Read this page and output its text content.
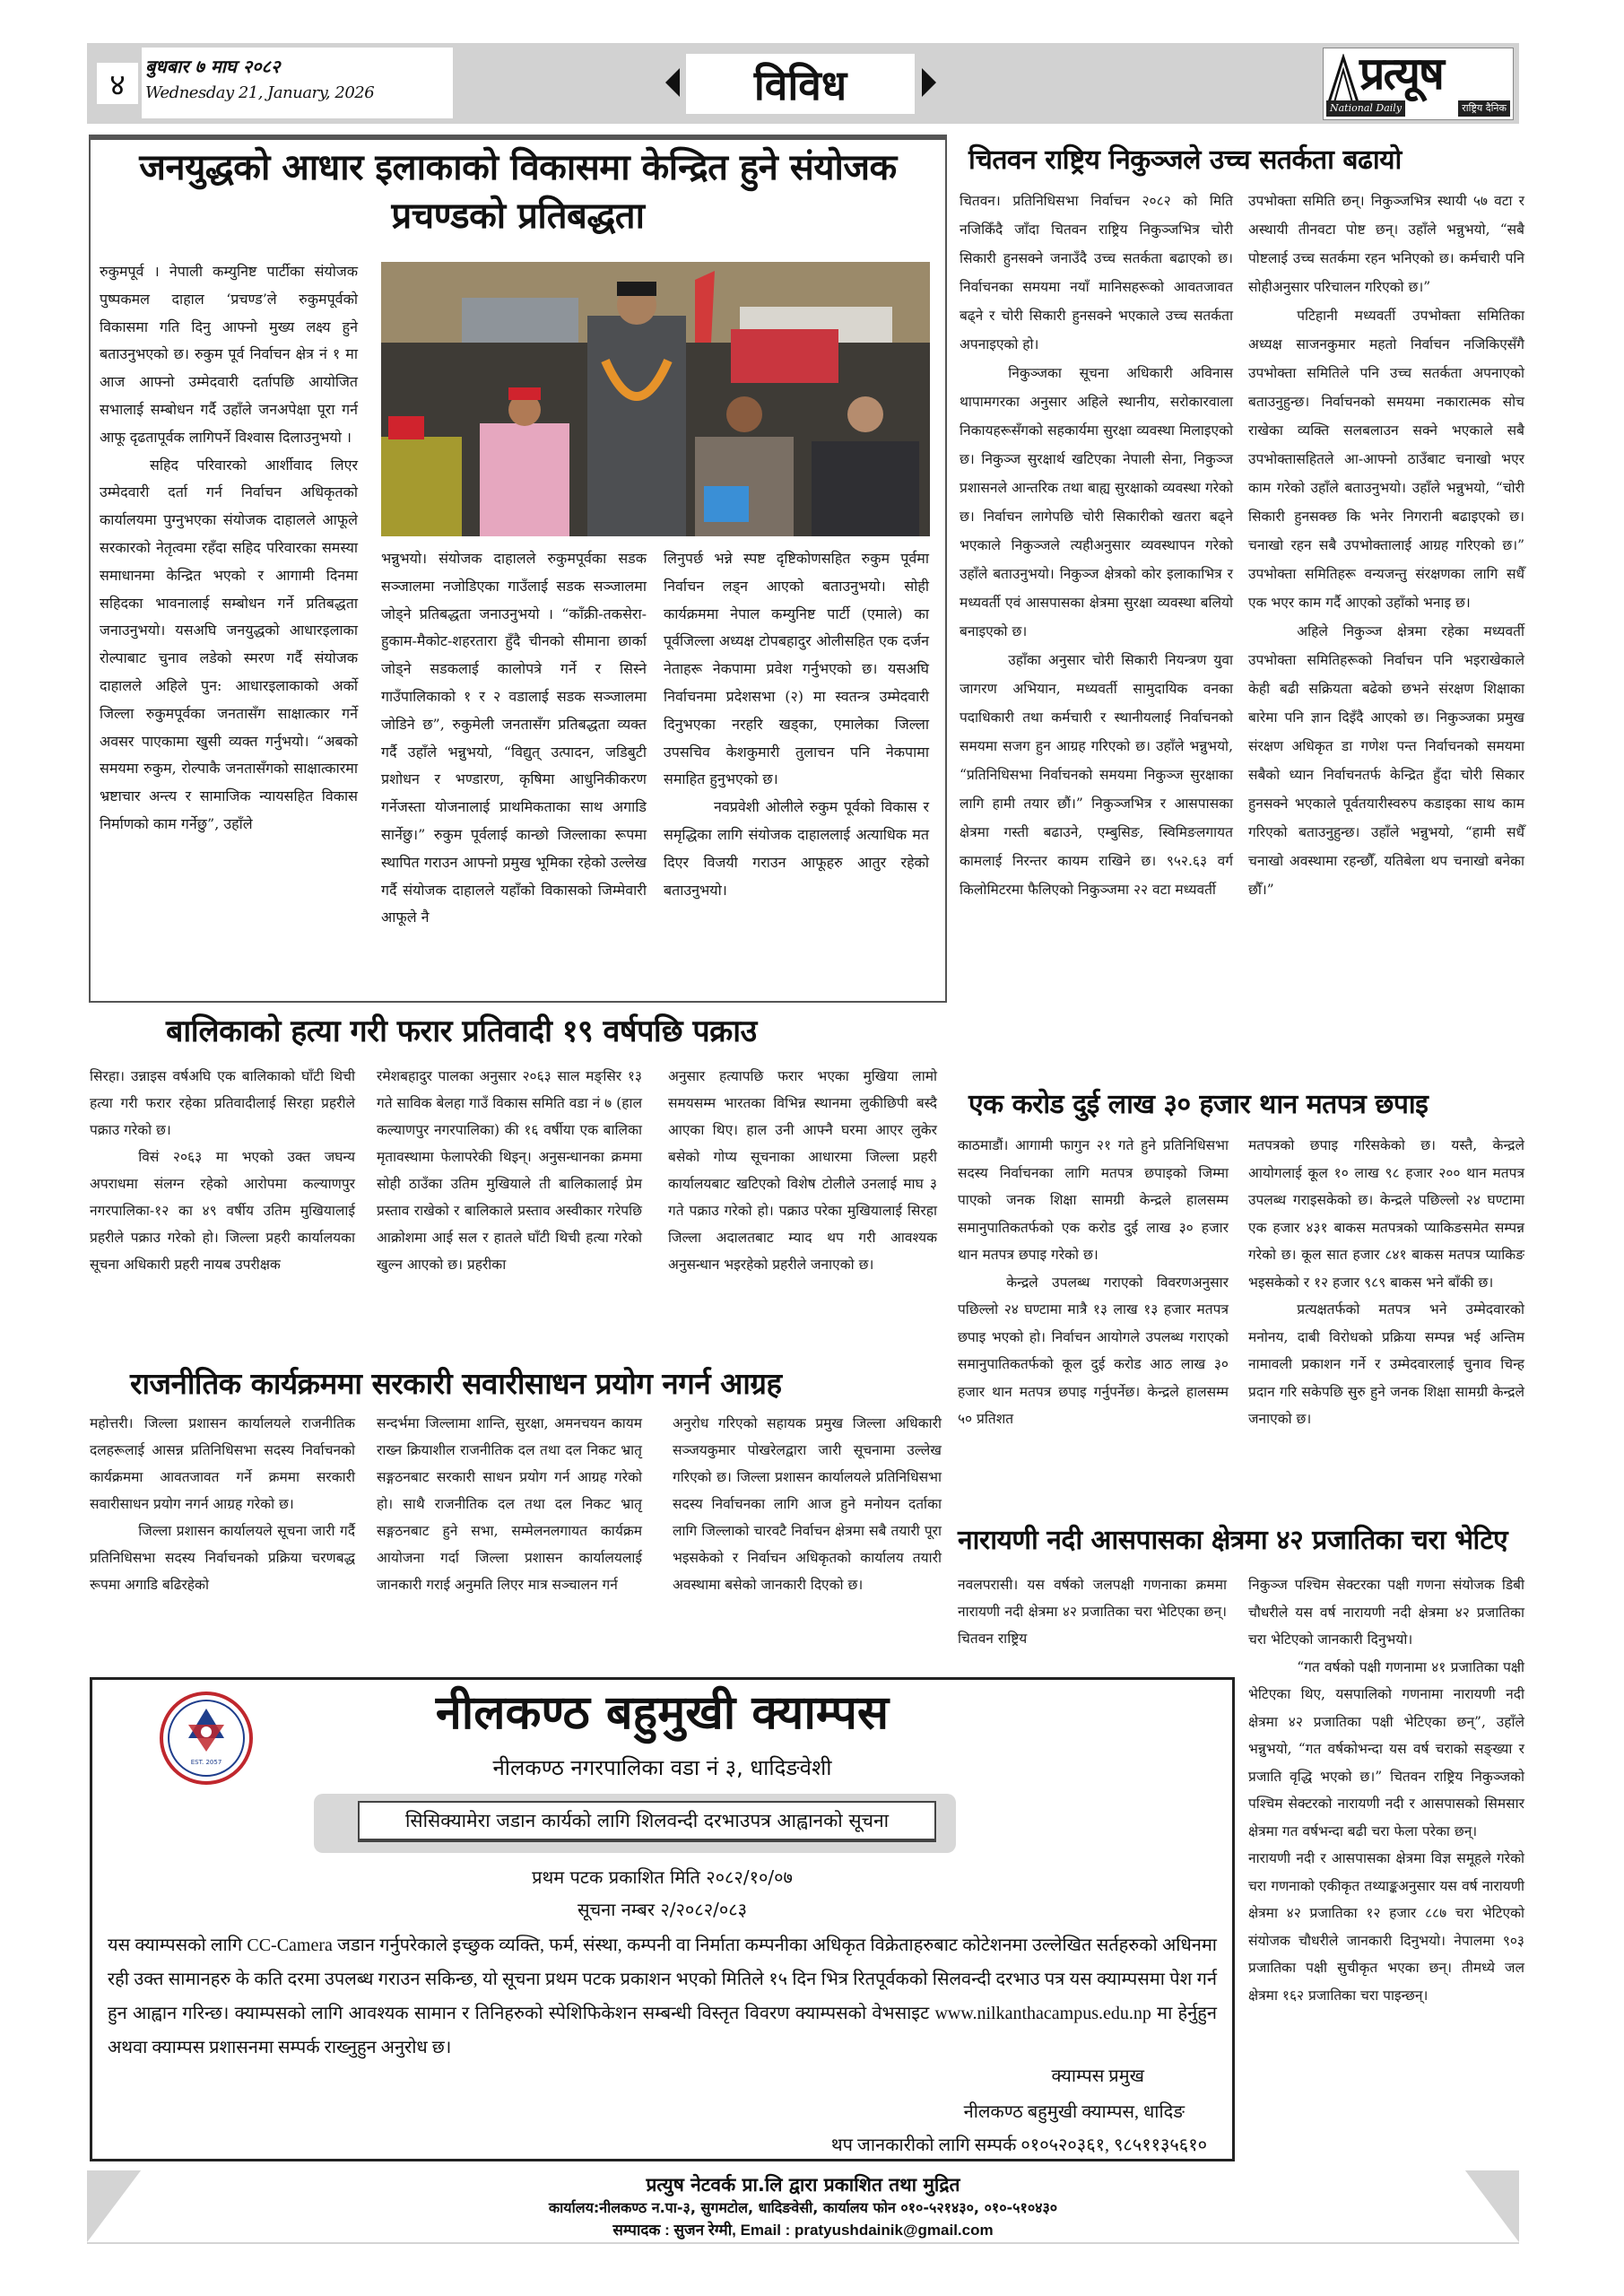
४
बुधबार ७ माघ २०८२
Wednesday 21, January, 2026	विविध	प्रत्यूष
National Daily	राष्ट्रिय दैनिक
जनयुद्धको आधार इलाकाको विकासमा केन्द्रित हुने संयोजक
प्रचण्डको प्रतिबद्धता

रुकुमपूर्व । नेपाली कम्युनिष्ट पार्टीका संयोजक पुष्पकमल दाहाल ‘प्रचण्ड’ले रुकुमपूर्वको विकासमा गति दिनु आफ्नो मुख्य लक्ष्य हुने बताउनुभएको छ। रुकुम पूर्व निर्वाचन क्षेत्र नं १ मा आज आफ्नो उम्मेदवारी दर्तापछि आयोजित सभालाई सम्बोधन गर्दै उहाँले जनअपेक्षा पूरा गर्न आफू दृढतापूर्वक लागिपर्ने विश्वास दिलाउनुभयो ।

सहिद परिवारको आर्शीवाद लिएर उम्मेदवारी दर्ता गर्न निर्वाचन अधिकृतको कार्यालयमा पुग्नुभएका संयोजक दाहालले आफूले सरकारको नेतृत्वमा रहँदा सहिद परिवारका समस्या समाधानमा केन्द्रित भएको र आगामी दिनमा सहिदका भावनालाई सम्बोधन गर्ने प्रतिबद्धता जनाउनुभयो। यसअघि जनयुद्धको आधारइलाका रोल्पाबाट चुनाव लडेको स्मरण गर्दै संयोजक दाहालले अहिले पुन: आधारइलाकाको अर्को जिल्ला रुकुमपूर्वका जनतासँग साक्षात्कार गर्ने अवसर पाएकामा खुसी व्यक्त गर्नुभयो। “अबको समयमा रुकुम, रोल्पाकै जनतासँगको साक्षात्कारमा भ्रष्टाचार अन्त्य र सामाजिक न्यायसहित विकास निर्माणको काम गर्नेछु”, उहाँले

भन्नुभयो। संयोजक दाहालले रुकुमपूर्वका सडक सञ्जालमा नजोडिएका गाउँलाई सडक सञ्जालमा जोड्ने प्रतिबद्धता जनाउनुभयो । “काँक्री-तकसेरा-हुकाम-मैकोट-शहरतारा हुँदै चीनको सीमाना छार्का जोड्ने सडकलाई कालोपत्रे गर्ने र सिस्ने गाउँपालिकाको १ र २ वडालाई सडक सञ्जालमा जोडिने छ”, रुकुमेली जनतासँग प्रतिबद्धता व्यक्त गर्दै उहाँले भन्नुभयो, “विद्युत् उत्पादन, जडिबुटी प्रशोधन र भण्डारण, कृषिमा आधुनिकीकरण गर्नेजस्ता योजनालाई प्राथमिकताका साथ अगाडि सार्नेछु।” रुकुम पूर्वलाई कान्छो जिल्लाका रूपमा स्थापित गराउन आफ्नो प्रमुख भूमिका रहेको उल्लेख गर्दै संयोजक दाहालले यहाँको विकासको जिम्मेवारी आफूले नै

लिनुपर्छ भन्ने स्पष्ट दृष्टिकोणसहित रुकुम पूर्वमा निर्वाचन लड्न आएको बताउनुभयो। सोही कार्यक्रममा नेपाल कम्युनिष्ट पार्टी (एमाले) का पूर्वजिल्ला अध्यक्ष टोपबहादुर ओलीसहित एक दर्जन नेताहरू नेकपामा प्रवेश गर्नुभएको छ। यसअघि निर्वाचनमा प्रदेशसभा (२) मा स्वतन्त्र उम्मेदवारी दिनुभएका नरहरि खड्का, एमालेका जिल्ला उपसचिव केशकुमारी तुलाचन पनि नेकपामा समाहित हुनुभएको छ।

नवप्रवेशी ओलीले रुकुम पूर्वको विकास र समृद्धिका लागि संयोजक दाहाललाई अत्याधिक मत दिएर विजयी गराउन आफूहरु आतुर रहेको बताउनुभयो।

चितवन राष्ट्रिय निकुञ्जले उच्च सतर्कता बढायो

चितवन। प्रतिनिधिसभा निर्वाचन २०८२ को मिति नजिकिँदै जाँदा चितवन राष्ट्रिय निकुञ्जभित्र चोरी सिकारी हुनसक्ने जनाउँदै उच्च सतर्कता बढाएको छ। निर्वाचनका समयमा नयाँ मानिसहरूको आवतजावत बढ्ने र चोरी सिकारी हुनसक्ने भएकाले उच्च सतर्कता अपनाइएको हो।

निकुञ्जका सूचना अधिकारी अविनास थापामगरका अनुसार अहिले स्थानीय, सरोकारवाला निकायहरूसँगको सहकार्यमा सुरक्षा व्यवस्था मिलाइएको छ। निकुञ्ज सुरक्षार्थ खटिएका नेपाली सेना, निकुञ्ज प्रशासनले आन्तरिक तथा बाह्य सुरक्षाको व्यवस्था गरेको छ। निर्वाचन लागेपछि चोरी सिकारीको खतरा बढ्ने भएकाले निकुञ्जले त्यहीअनुसार व्यवस्थापन गरेको उहाँले बताउनुभयो। निकुञ्ज क्षेत्रको कोर इलाकाभित्र र मध्यवर्ती एवं आसपासका क्षेत्रमा सुरक्षा व्यवस्था बलियो बनाइएको छ।

उहाँका अनुसार चोरी सिकारी नियन्त्रण युवा जागरण अभियान, मध्यवर्ती सामुदायिक वनका पदाधिकारी तथा कर्मचारी र स्थानीयलाई निर्वाचनको समयमा सजग हुन आग्रह गरिएको छ। उहाँले भन्नुभयो, “प्रतिनिधिसभा निर्वाचनको समयमा निकुञ्ज सुरक्षाका लागि हामी तयार छौं।” निकुञ्जभित्र र आसपासका क्षेत्रमा गस्ती बढाउने, एम्बुसिङ, स्विमिङलगायत कामलाई निरन्तर कायम राखिने छ। ९५२.६३ वर्ग किलोमिटरमा फैलिएको निकुञ्जमा २२ वटा मध्यवर्ती

उपभोक्ता समिति छन्। निकुञ्जभित्र स्थायी ५७ वटा र अस्थायी तीनवटा पोष्ट छन्। उहाँले भन्नुभयो, “सबै पोष्टलाई उच्च सतर्कमा रहन भनिएको छ। कर्मचारी पनि सोहीअनुसार परिचालन गरिएको छ।”

पटिहानी मध्यवर्ती उपभोक्ता समितिका अध्यक्ष साजनकुमार महतो निर्वाचन नजिकिएसँगै उपभोक्ता समितिले पनि उच्च सतर्कता अपनाएको बताउनुहुन्छ। निर्वाचनको समयमा नकारात्मक सोच राखेका व्यक्ति सलबलाउन सक्ने भएकाले सबै उपभोक्तासहितले आ-आफ्नो ठाउँबाट चनाखो भएर काम गरेको उहाँले बताउनुभयो। उहाँले भन्नुभयो, “चोरी सिकारी हुनसक्छ कि भनेर निगरानी बढाइएको छ। चनाखो रहन सबै उपभोक्तालाई आग्रह गरिएको छ।” उपभोक्ता समितिहरू वन्यजन्तु संरक्षणका लागि सधैँ एक भएर काम गर्दै आएको उहाँको भनाइ छ।

अहिले निकुञ्ज क्षेत्रमा रहेका मध्यवर्ती उपभोक्ता समितिहरूको निर्वाचन पनि भइराखेकाले केही बढी सक्रियता बढेको छभने संरक्षण शिक्षाका बारेमा पनि ज्ञान दिइँदै आएको छ। निकुञ्जका प्रमुख संरक्षण अधिकृत डा गणेश पन्त निर्वाचनको समयमा सबैको ध्यान निर्वाचनतर्फ केन्द्रित हुँदा चोरी सिकार हुनसक्ने भएकाले पूर्वतयारीस्वरुप कडाइका साथ काम गरिएको बताउनुहुन्छ। उहाँले भन्नुभयो, “हामी सधैँ चनाखो अवस्थामा रहन्छौँ, यतिबेला थप चनाखो बनेका छौँ।”

बालिकाको हत्या गरी फरार प्रतिवादी १९ वर्षपछि पक्राउ

सिरहा। उन्नाइस वर्षअघि एक बालिकाको घाँटी थिची हत्या गरी फरार रहेका प्रतिवादीलाई सिरहा प्रहरीले पक्राउ गरेको छ।

विसं २०६३ मा भएको उक्त जघन्य अपराधमा संलग्न रहेको आरोपमा कल्याणपुर नगरपालिका-१२ का ४९ वर्षीय उतिम मुखियालाई प्रहरीले पक्राउ गरेको हो। जिल्ला प्रहरी कार्यालयका सूचना अधिकारी प्रहरी नायब उपरीक्षक

रमेशबहादुर पालका अनुसार २०६३ साल मङ्सिर १३ गते साविक बेलहा गाउँ विकास समिति वडा नं ७ (हाल कल्याणपुर नगरपालिका) की १६ वर्षीया एक बालिका मृतावस्थामा फेलापरेकी थिइन्। अनुसन्धानका क्रममा सोही ठाउँका उतिम मुखियाले ती बालिकालाई प्रेम प्रस्ताव राखेको र बालिकाले प्रस्ताव अस्वीकार गरेपछि आक्रोशमा आई सल र हातले घाँटी थिची हत्या गरेको खुल्न आएको छ। प्रहरीका

अनुसार हत्यापछि फरार भएका मुखिया लामो समयसम्म भारतका विभिन्न स्थानमा लुकीछिपी बस्दै आएका थिए। हाल उनी आफ्नै घरमा आएर लुकेर बसेको गोप्य सूचनाका आधारमा जिल्ला प्रहरी कार्यालयबाट खटिएको विशेष टोलीले उनलाई माघ ३ गते पक्राउ गरेको हो। पक्राउ परेका मुखियालाई सिरहा जिल्ला अदालतबाट म्याद थप गरी आवश्यक अनुसन्धान भइरहेको प्रहरीले जनाएको छ।

राजनीतिक कार्यक्रममा सरकारी सवारीसाधन प्रयोग नगर्न आग्रह

महोत्तरी। जिल्ला प्रशासन कार्यालयले राजनीतिक दलहरूलाई आसन्न प्रतिनिधिसभा सदस्य निर्वाचनको कार्यक्रममा आवतजावत गर्ने क्रममा सरकारी सवारीसाधन प्रयोग नगर्न आग्रह गरेको छ।

जिल्ला प्रशासन कार्यालयले सूचना जारी गर्दै प्रतिनिधिसभा सदस्य निर्वाचनको प्रक्रिया चरणबद्ध रूपमा अगाडि बढिरहेको

सन्दर्भमा जिल्लामा शान्ति, सुरक्षा, अमनचयन कायम राख्न क्रियाशील राजनीतिक दल तथा दल निकट भ्रातृ सङ्गठनबाट सरकारी साधन प्रयोग गर्न आग्रह गरेको हो। साथै राजनीतिक दल तथा दल निकट भ्रातृ सङ्गठनबाट हुने सभा, सम्मेलनलगायत कार्यक्रम आयोजना गर्दा जिल्ला प्रशासन कार्यालयलाई जानकारी गराई अनुमति लिएर मात्र सञ्चालन गर्न

अनुरोध गरिएको सहायक प्रमुख जिल्ला अधिकारी सञ्जयकुमार पोखरेलद्वारा जारी सूचनामा उल्लेख गरिएको छ। जिल्ला प्रशासन कार्यालयले प्रतिनिधिसभा सदस्य निर्वाचनका लागि आज हुने मनोयन दर्ताका लागि जिल्लाको चारवटै निर्वाचन क्षेत्रमा सबै तयारी पूरा भइसकेको र निर्वाचन अधिकृतको कार्यालय तयारी अवस्थामा बसेको जानकारी दिएको छ।

एक करोड दुई लाख ३० हजार थान मतपत्र छपाइ

काठमाडौं। आगामी फागुन २१ गते हुने प्रतिनिधिसभा सदस्य निर्वाचनका लागि मतपत्र छपाइको जिम्मा पाएको जनक शिक्षा सामग्री केन्द्रले हालसम्म समानुपातिकतर्फको एक करोड दुई लाख ३० हजार थान मतपत्र छपाइ गरेको छ।

केन्द्रले उपलब्ध गराएको विवरणअनुसार पछिल्लो २४ घण्टामा मात्रै १३ लाख १३ हजार मतपत्र छपाइ भएको हो। निर्वाचन आयोगले उपलब्ध गराएको समानुपातिकतर्फको कूल दुई करोड आठ लाख ३० हजार थान मतपत्र छपाइ गर्नुपर्नेछ। केन्द्रले हालसम्म ५० प्रतिशत

मतपत्रको छपाइ गरिसकेको छ। यस्तै, केन्द्रले आयोगलाई कूल १० लाख ९८ हजार २०० थान मतपत्र उपलब्ध गराइसकेको छ। केन्द्रले पछिल्लो २४ घण्टामा एक हजार ४३१ बाकस मतपत्रको प्याकिङसमेत सम्पन्न गरेको छ। कूल सात हजार ८४१ बाकस मतपत्र प्याकिङ भइसकेको र १२ हजार ९८९ बाकस भने बाँकी छ।

प्रत्यक्षतर्फको मतपत्र भने उम्मेदवारको मनोनय, दाबी विरोधको प्रक्रिया सम्पन्न भई अन्तिम नामावली प्रकाशन गर्ने र उम्मेदवारलाई चुनाव चिन्ह प्रदान गरि सकेपछि सुरु हुने जनक शिक्षा सामग्री केन्द्रले जनाएको छ।

नारायणी नदी आसपासका क्षेत्रमा ४२ प्रजातिका चरा भेटिए

नवलपरासी। यस वर्षको जलपक्षी गणनाका क्रममा नारायणी नदी क्षेत्रमा ४२ प्रजातिका चरा भेटिएका छन्। चितवन राष्ट्रिय

निकुञ्ज पश्चिम सेक्टरका पक्षी गणना संयोजक डिबी चौधरीले यस वर्ष नारायणी नदी क्षेत्रमा ४२ प्रजातिका चरा भेटिएको जानकारी दिनुभयो।

“गत वर्षको पक्षी गणनामा ४१ प्रजातिका पक्षी भेटिएका थिए, यसपालिको गणनामा नारायणी नदी क्षेत्रमा ४२ प्रजातिका पक्षी भेटिएका छन्”, उहाँले भन्नुभयो, “गत वर्षकोभन्दा यस वर्ष चराको सङ्ख्या र प्रजाति वृद्धि भएको छ।” चितवन राष्ट्रिय निकुञ्जको पश्चिम सेक्टरको नारायणी नदी र आसपासको सिमसार क्षेत्रमा गत वर्षभन्दा बढी चरा फेला परेका छन्।

नारायणी नदी र आसपासका क्षेत्रमा विज्ञ समूहले गरेको चरा गणनाको एकीकृत तथ्याङ्कअनुसार यस वर्ष नारायणी क्षेत्रमा ४२ प्रजातिका १२ हजार ८८७ चरा भेटिएको संयोजक चौधरीले जानकारी दिनुभयो। नेपालमा ९०३ प्रजातिका पक्षी सुचीकृत भएका छन्। तीमध्ये जल क्षेत्रमा १६२ प्रजातिका चरा पाइन्छन्।

EST. 2057
नीलकण्ठ बहुमुखी क्याम्पस
नीलकण्ठ नगरपालिका वडा नं ३, धादिङवेशी
सिसिक्यामेरा जडान कार्यको लागि शिलवन्दी दरभाउपत्र आह्वानको सूचना
प्रथम पटक प्रकाशित मिति २०८२/१०/०७
सूचना नम्बर २/२०८२/०८३
यस क्याम्पसको लागि CC-Camera जडान गर्नुपरेकाले इच्छुक व्यक्ति, फर्म, संस्था, कम्पनी वा निर्माता कम्पनीका अधिकृत विक्रेताहरुबाट कोटेशनमा उल्लेखित सर्तहरुको अधिनमा रही उक्त सामानहरु के कति दरमा उपलब्ध गराउन सकिन्छ, यो सूचना प्रथम पटक प्रकाशन भएको मितिले १५ दिन भित्र रितपूर्वकको सिलवन्दी दरभाउ पत्र यस क्याम्पसमा पेश गर्न हुन आह्वान गरिन्छ। क्याम्पसको लागि आवश्यक सामान र तिनिहरुको स्पेशिफिकेशन सम्बन्धी विस्तृत विवरण क्याम्पसको वेभसाइट www.nilkanthacampus.edu.np मा हेर्नुहुन अथवा क्याम्पस प्रशासनमा सम्पर्क राख्नुहुन अनुरोध छ।
क्याम्पस प्रमुख
नीलकण्ठ बहुमुखी क्याम्पस, धादिङ
थप जानकारीको लागि सम्पर्क ०१०५२०३६१, ९८५११३५६१०
प्रत्युष नेटवर्क प्रा.लि द्वारा प्रकाशित तथा मुद्रित
कार्यालय:नीलकण्ठ न.पा-३, सुगमटोल, धादिङवेसी, कार्यालय फोन ०१०-५२१४३०, ०१०-५१०४३०
सम्पादक : सुजन रेग्मी, Email : pratyushdainik@gmail.com
